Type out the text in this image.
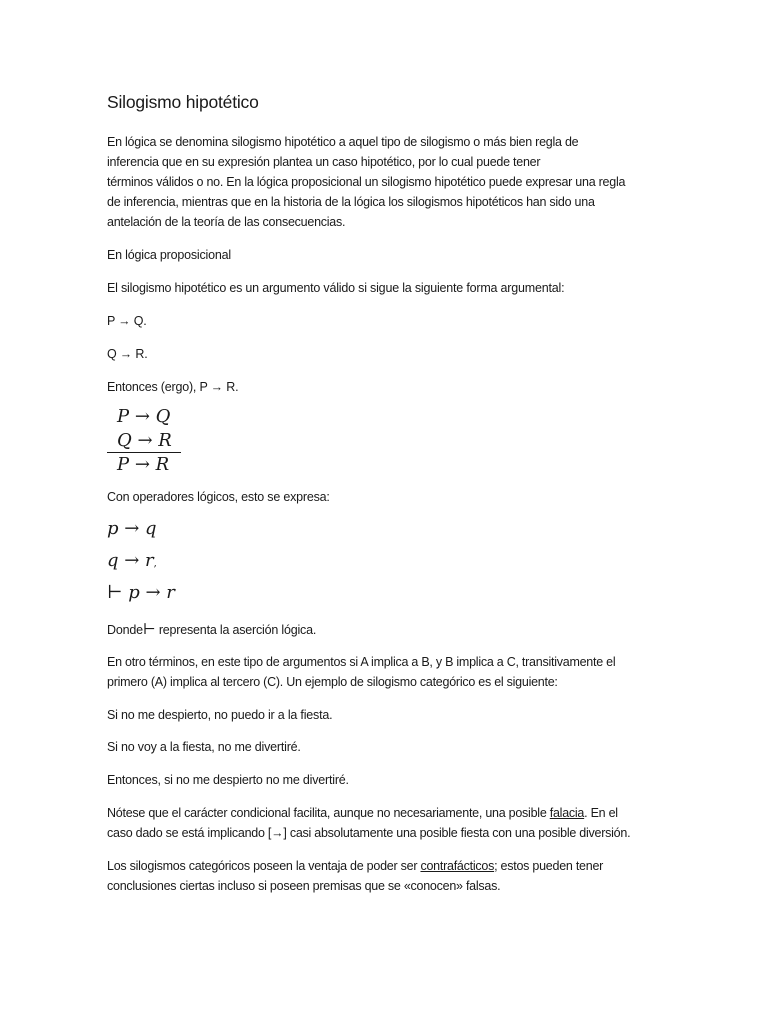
Silogismo hipotético
En lógica se denomina silogismo hipotético a aquel tipo de silogismo o más bien regla de
inferencia que en su expresión plantea un caso hipotético, por lo cual puede tener
términos válidos o no. En la lógica proposicional un silogismo hipotético puede expresar una regla
de inferencia, mientras que en la historia de la lógica los silogismos hipotéticos han sido una
antelación de la teoría de las consecuencias.
En lógica proposicional
El silogismo hipotético es un argumento válido si sigue la siguiente forma argumental:
P → Q.
Q → R.
Entonces (ergo), P → R.
P → Q
Q → R
P → R
Con operadores lógicos, esto se expresa:
p → q
q → r,
⊢ p → r
Donde⊢ representa la aserción lógica.
En otro términos, en este tipo de argumentos si A implica a B, y B implica a C, transitivamente el
primero (A) implica al tercero (C). Un ejemplo de silogismo categórico es el siguiente:
Si no me despierto, no puedo ir a la fiesta.
Si no voy a la fiesta, no me divertiré.
Entonces, si no me despierto no me divertiré.
Nótese que el carácter condicional facilita, aunque no necesariamente, una posible falacia. En el
caso dado se está implicando [→] casi absolutamente una posible fiesta con una posible diversión.
Los silogismos categóricos poseen la ventaja de poder ser contrafácticos; estos pueden tener
conclusiones ciertas incluso si poseen premisas que se «conocen» falsas.
